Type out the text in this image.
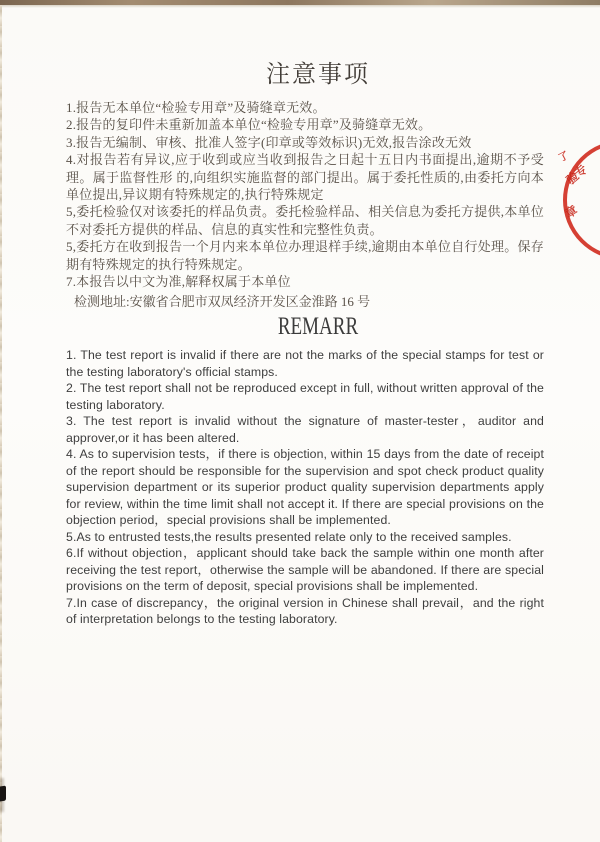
注意事项
1.报告无本单位“检验专用章”及骑缝章无效。
2.报告的复印件未重新加盖本单位“检验专用章”及骑缝章无效。
3.报告无编制、审核、批准人签字(印章或等效标识)无效,报告涂改无效
4.对报告若有异议,应于收到或应当收到报告之日起十五日内书面提出,逾期不予受理。属于监督性形 的,向组织实施监督的部门提出。属于委托性质的,由委托方向本单位提出,异议期有特殊规定的,执行特殊规定
5,委托检验仅对该委托的样品负责。委托检验样品、相关信息为委托方提供,本单位不对委托方提供的样品、信息的真实性和完整性负责。
5,委托方在收到报告一个月内来本单位办理退样手续,逾期由本单位自行处理。保存期有特殊规定的执行特殊规定。
7.本报告以中文为准,解释权属于本单位
检测地址:安徽省合肥市双凤经济开发区金淮路 16 号
REMARR
1. The test report is invalid if there are not the marks of the special stamps for test or the testing laboratory's official stamps.
2. The test report shall not be reproduced except in full, without written approval of the testing laboratory.
3. The test report is invalid without the signature of master-tester，auditor and approver,or it has been altered.
4. As to supervision tests，if there is objection, within 15 days from the date of receipt of the report should be responsible for the supervision and spot check product quality supervision department or its superior product quality supervision departments apply for review, within the time limit shall not accept it. If there are special provisions on the objection period，special provisions shall be implemented.
5.As to entrusted tests,the results presented relate only to the received samples.
6.If without objection，applicant should take back the sample within one month after receiving the test report，otherwise the sample will be abandoned. If there are special provisions on the term of deposit, special provisions shall be implemented.
7.In case of discrepancy，the original version in Chinese shall prevail，and the right of interpretation belongs to the testing laboratory.
了
验专
章
